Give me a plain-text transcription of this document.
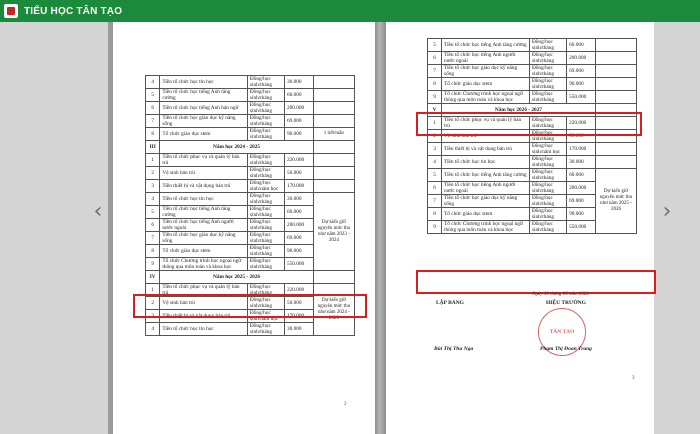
TIỂU HỌC TÂN TẠO
‹	›
4	Tiền tổ chức học tin học	Đồng/học sinh/tháng	30.000	
5	Tiền tổ chức học tiếng Anh tăng cường	Đồng/học sinh/tháng	60.000	
6	Tiền tổ chức học tiếng Anh bản ngữ	Đồng/học sinh/tháng	200.000	
7	Tiền tổ chức học giáo dục kỹ năng sống	Đồng/học sinh/tháng	69.000	
8	Tổ chức giáo dục stem	Đồng/học sinh/tháng	90.000	1 tiết/tuần
III	Năm học 2024 - 2025			
1	Tiền tổ chức phục vụ và quản lý bán trú	Đồng/học sinh/tháng	220.000	
2	Vệ sinh bán trú	Đồng/học sinh/tháng	50.000	
3	Tiền thiết bị và vật dụng bán trú	Đồng/học sinh/năm học	170.000	
4	Tiền tổ chức học tin học	Đồng/học sinh/tháng	30.000	Dự kiến giữ nguyên mức thu như năm 2023 - 2024
5	Tiền tổ chức học tiếng Anh tăng cường	Đồng/học sinh/tháng	60.000	
6	Tiền tổ chức học tiếng Anh người nước ngoài	Đồng/học sinh/tháng	200.000	
7	Tiền tổ chức học giáo dục kỹ năng sống	Đồng/học sinh/tháng	69.000	
8	Tổ chức giáo dục stem	Đồng/học sinh/tháng	90.000	
9	Tổ chức Chương trình học ngoại ngữ thông qua môn toán và khoa học	Đồng/học sinh/tháng	550.000	
IV	Năm học 2025 - 2026			
1	Tiền tổ chức phục vụ và quản lý bán trú	Đồng/học sinh/tháng	220.000	Dự kiến giữ nguyên mức thu như năm 2024 - 2025
2	Vệ sinh bán trú	Đồng/học sinh/tháng	50.000	
3	Tiền thiết bị và vật dụng bán trú	Đồng/học sinh/năm học	170.000	
4	Tiền tổ chức học tin học	Đồng/học sinh/tháng	30.000	
2
5	Tiền tổ chức học tiếng Anh tăng cường	Đồng/học sinh/tháng	60.000	
6	Tiền tổ chức học tiếng Anh người nước ngoài	Đồng/học sinh/tháng	200.000	
7	Tiền tổ chức học giáo dục kỹ năng sống	Đồng/học sinh/tháng	69.000	
8	Tổ chức giáo dục stem	Đồng/học sinh/tháng	90.000	
9	Tổ chức Chương trình học ngoại ngữ thông qua môn toán và khoa học	Đồng/học sinh/tháng	550.000	
V	Năm học 2026 - 2027			
1	Tiền tổ chức phục vụ và quản lý bán trú	Đồng/học sinh/tháng	220.000	
2	Vệ sinh bán trú	Đồng/học sinh/tháng	50.000	
3	Tiền thiết bị và vật dụng bán trú	Đồng/học sinh/năm học	170.000	
4	Tiền tổ chức học tin học	Đồng/học sinh/tháng	30.000	
5	Tiền tổ chức học tiếng Anh tăng cường	Đồng/học sinh/tháng	60.000	Dự kiến giữ nguyên mức thu như năm 2025 - 2026
6	Tiền tổ chức học tiếng Anh người nước ngoài	Đồng/học sinh/tháng	200.000	
7	Tiền tổ chức học giáo dục kỹ năng sống	Đồng/học sinh/tháng	69.000	
8	Tổ chức giáo dục stem	Đồng/học sinh/tháng	90.000	
9	Tổ chức Chương trình học ngoại ngữ thông qua môn toán và khoa học	Đồng/học sinh/tháng	550.000	
Ngày 30 tháng 06 năm 2024
LẬP BẢNG	HIỆU TRƯỞNG
TÂN TẠO
Bùi Thị Thu Nga	Phạm Thị Đoan Trang
3
